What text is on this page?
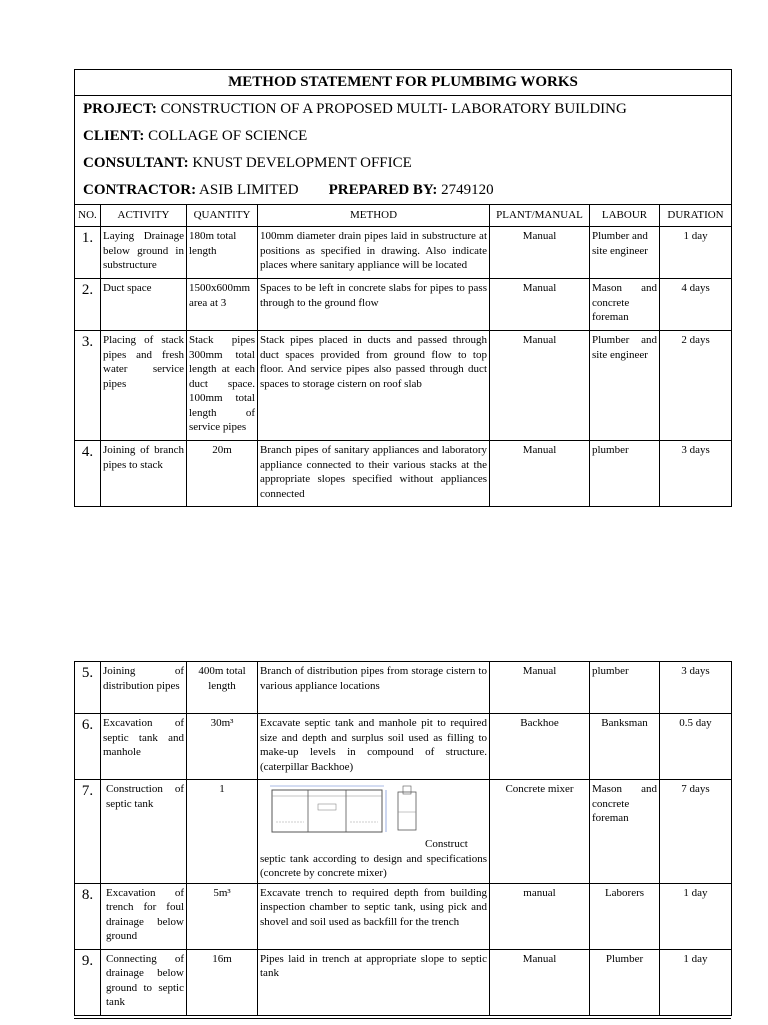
METHOD STATEMENT FOR PLUMBIMG WORKS						

PROJECT: CONSTRUCTION OF A PROPOSED MULTI- LABORATORY BUILDING
CLIENT: COLLAGE OF SCIENCE
CONSULTANT: KNUST DEVELOPMENT OFFICE
CONTRACTOR: ASIB LIMITED PREPARED BY: 2749120						

NO.	ACTIVITY	QUANTITY	METHOD	PLANT/MANUAL	LABOUR	DURATION
1.	Laying Drainage below ground in substructure	180m total length	100mm diameter drain pipes laid in substructure at positions as specified in drawing. Also indicate places where sanitary appliance will be located	Manual	Plumber and site engineer	1 day
2.	Duct space	1500x600mm area at 3	Spaces to be left in concrete slabs for pipes to pass through to the ground flow	Manual	Mason and concrete foreman	4 days
3.	Placing of stack pipes and fresh water service pipes	Stack pipes 300mm total length at each duct space. 100mm total length of service pipes	Stack pipes placed in ducts and passed through duct spaces provided from ground flow to top floor. And service pipes also passed through duct spaces to storage cistern on roof slab	Manual	Plumber and site engineer	2 days
4.	Joining of branch pipes to stack	20m	Branch pipes of sanitary appliances and laboratory appliance connected to their various stacks at the appropriate slopes specified without appliances connected	Manual	plumber	3 days
5.	Joining of distribution pipes	400m total length	Branch of distribution pipes from storage cistern to various appliance locations	Manual	plumber	3 days
6.	Excavation of septic tank and manhole	30m³	Excavate septic tank and manhole pit to required size and depth and surplus soil used as filling to make-up levels in compound of structure. (caterpillar Backhoe)	Backhoe	Banksman	0.5 day
7.	Construction of septic tank	1	Construct septic tank according to design and specifications (concrete by concrete mixer)	Concrete mixer	Mason and concrete foreman	7 days
8.	Excavation of trench for foul drainage below ground	5m³	Excavate trench to required depth from building inspection chamber to septic tank, using pick and shovel and soil used as backfill for the trench	manual	Laborers	1 day
9.	Connecting of drainage below ground to septic tank	16m	Pipes laid in trench at appropriate slope to septic tank	Manual	Plumber	1 day
